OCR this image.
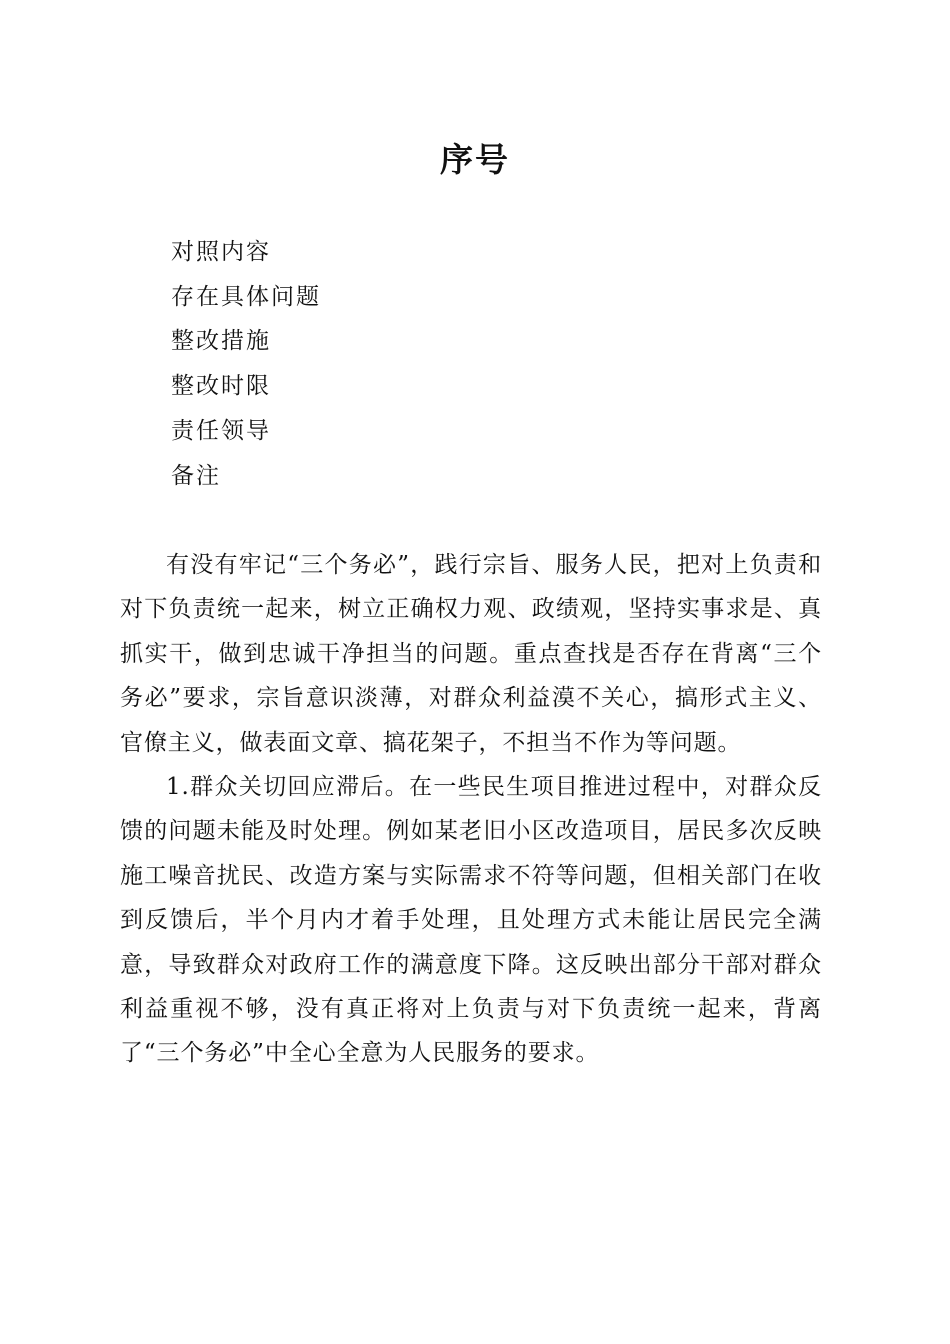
序号
对照内容
存在具体问题
整改措施
整改时限
责任领导
备注

有没有牢记“三个务必”，践行宗旨、服务人民，把对上负责和对下负责统一起来，树立正确权力观、政绩观，坚持实事求是、真抓实干，做到忠诚干净担当的问题。重点查找是否存在背离“三个务必”要求，宗旨意识淡薄，对群众利益漠不关心，搞形式主义、官僚主义，做表面文章、搞花架子，不担当不作为等问题。

1.群众关切回应滞后。在一些民生项目推进过程中，对群众反馈的问题未能及时处理。例如某老旧小区改造项目，居民多次反映施工噪音扰民、改造方案与实际需求不符等问题，但相关部门在收到反馈后，半个月内才着手处理，且处理方式未能让居民完全满意，导致群众对政府工作的满意度下降。这反映出部分干部对群众利益重视不够，没有真正将对上负责与对下负责统一起来，背离了“三个务必”中全心全意为人民服务的要求。
